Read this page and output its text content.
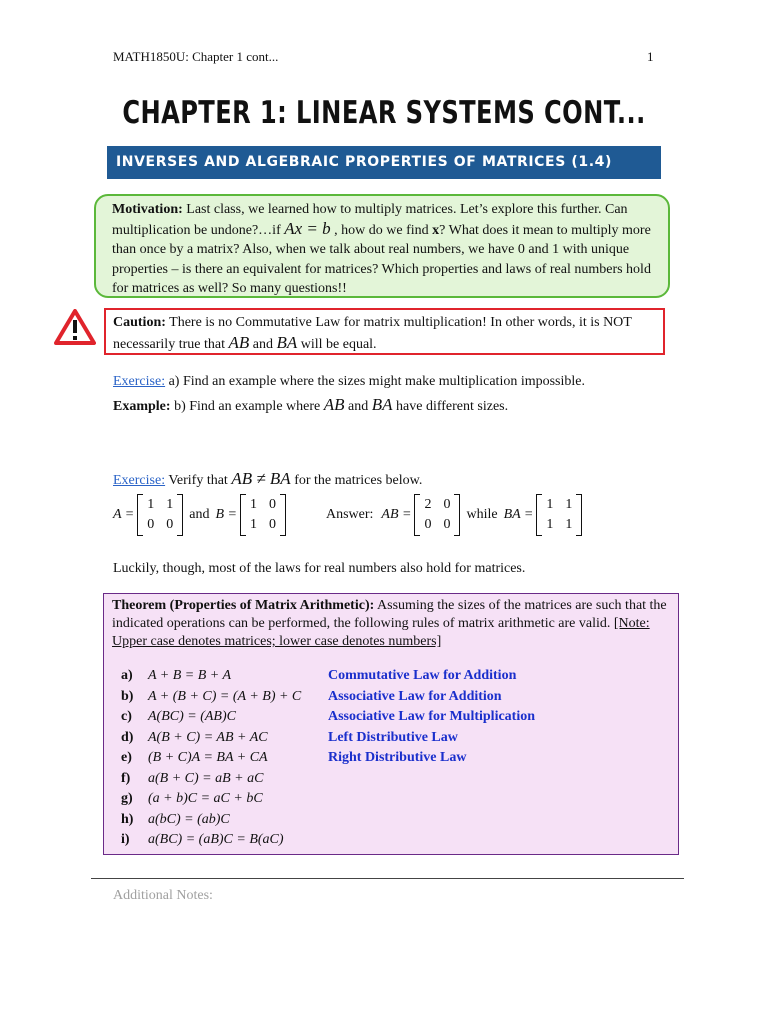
MATH1850U: Chapter 1 cont...	1
CHAPTER 1: LINEAR SYSTEMS CONT...
INVERSES AND ALGEBRAIC PROPERTIES OF MATRICES (1.4)
Motivation: Last class, we learned how to multiply matrices. Let’s explore this further. Can multiplication be undone?…if Ax = b , how do we find x? What does it mean to multiply more than once by a matrix? Also, when we talk about real numbers, we have 0 and 1 with unique properties – is there an equivalent for matrices? Which properties and laws of real numbers hold for matrices as well? So many questions!!
Caution: There is no Commutative Law for matrix multiplication! In other words, it is NOT necessarily true that AB and BA will be equal.
Exercise: a) Find an example where the sizes might make multiplication impossible.
Example: b) Find an example where AB and BA have different sizes.
Exercise: Verify that AB ≠ BA for the matrices below.
A =
1 1
0 0
and B =
1 0
1 0
Answer: AB =
2 0
0 0
while BA =
1 1
1 1
Luckily, though, most of the laws for real numbers also hold for matrices.
Theorem (Properties of Matrix Arithmetic): Assuming the sizes of the matrices are such that the indicated operations can be performed, the following rules of matrix arithmetic are valid. [Note: Upper case denotes matrices; lower case denotes numbers]
a)	A + B = B + A	Commutative Law for Addition
b)	A + (B + C) = (A + B) + C	Associative Law for Addition
c)	A(BC) = (AB)C	Associative Law for Multiplication
d)	A(B + C) = AB + AC	Left Distributive Law
e)	(B + C)A = BA + CA	Right Distributive Law
f)	a(B + C) = aB + aC
g)	(a + b)C = aC + bC
h)	a(bC) = (ab)C
i)	a(BC) = (aB)C = B(aC)
Additional Notes:
